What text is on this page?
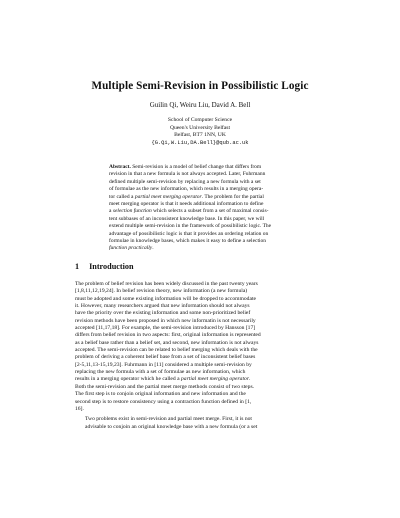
Multiple Semi-Revision in Possibilistic Logic
Guilin Qi, Weiru Liu, David A. Bell
School of Computer Science
Queen's University Belfast
Belfast, BT7 1NN, UK
{G.Qi,W.Liu,DA.Bell}@qub.ac.uk
Abstract. Semi-revision is a model of belief change that differs from
revision in that a new formula is not always accepted. Later, Fuhrmann
defined multiple semi-revision by replacing a new formula with a set
of formulae as the new information, which results in a merging opera-
tor called a partial meet merging operator. The problem for the partial
meet merging operator is that it needs additional information to define
a selection function which selects a subset from a set of maximal consis-
tent subbases of an inconsistent knowledge base. In this paper, we will
extend multiple semi-revision in the framework of possibilistic logic. The
advantage of possibilistic logic is that it provides an ordering relation on
formulae in knowledge bases, which makes it easy to define a selection
function practically.
1 Introduction

The problem of belief revision has been widely discussed in the past twenty years
[1,8,11,12,19,24]. In belief revision theory, new information (a new formula)
must be adopted and some existing information will be dropped to accommodate
it. However, many researchers argued that new information should not always
have the priority over the existing information and some non-prioritized belief
revision methods have been proposed in which new informatin is not necessarily
accepted [11,17,18]. For example, the semi-revision introduced by Hansson [17]
differs from belief revision in two aspects: first, original information is represented
as a belief base rather than a belief set, and second, new information is not always
accepted. The semi-revision can be related to belief merging which deals with the
problem of deriving a coherent belief base from a set of inconsistent belief bases
[2-5,11,13-15,19,23]. Fuhrmann in [11] considered a multiple semi-revision by
replacing the new formula with a set of formulae as new information, which
results in a merging operator which he called a partial meet merging operator.
Both the semi-revision and the partial meet merge methods consist of two steps.
The first step is to conjoin original information and new information and the
second step is to restore consistency using a contraction function defined in [1,
16].

Two problems exist in semi-revision and partial meet merge. First, it is not
advisable to conjoin an original knowledge base with a new formula (or a set
